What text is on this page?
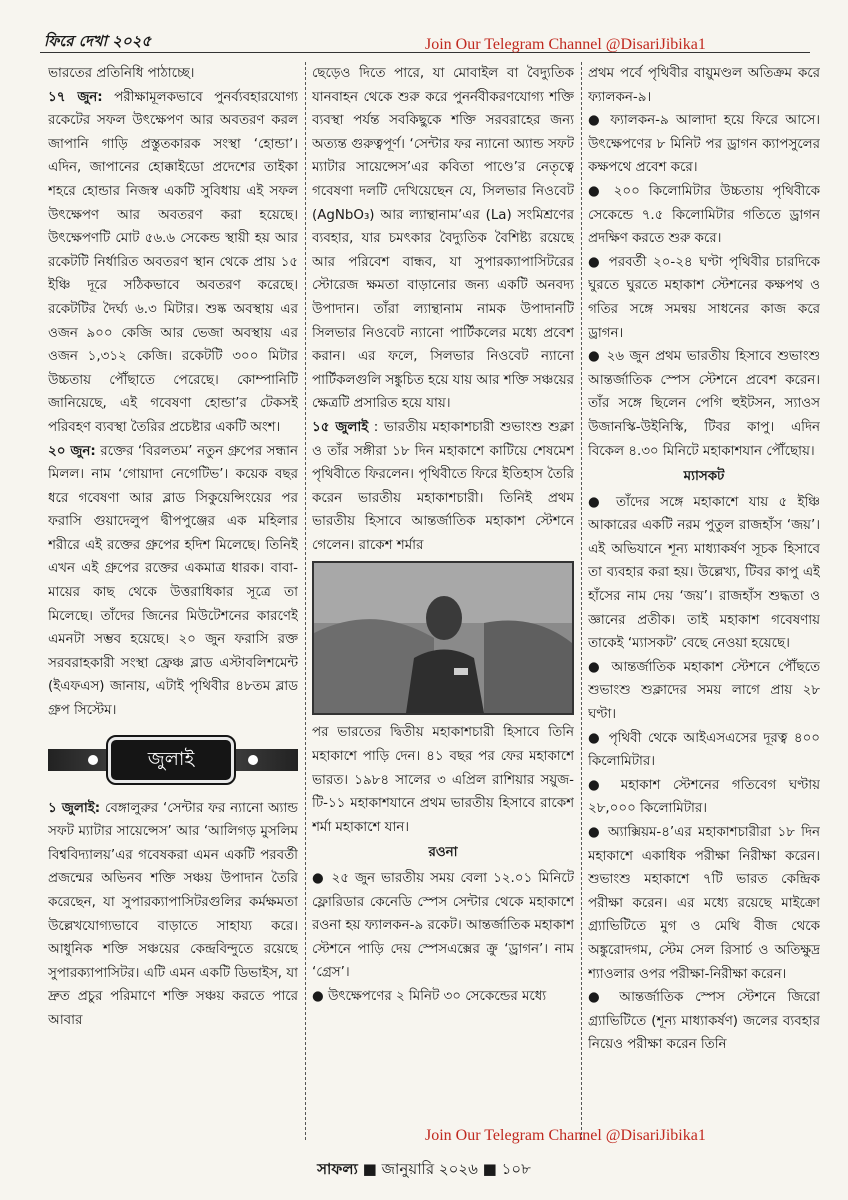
ফিরে দেখা ২০২৫	Join Our Telegram Channel @DisariJibika1

ভারতের প্রতিনিধি পাঠাচ্ছে।

১৭ জুন: পরীক্ষামূলকভাবে পুনর্ব্যবহারযোগ্য রকেটের সফল উৎক্ষেপণ আর অবতরণ করল জাপানি গাড়ি প্রস্তুতকারক সংস্থা ‘হোন্ডা’। এদিন, জাপানের হোক্কাইডো প্রদেশের তাইকা শহরে হোন্ডার নিজস্ব একটি সুবিধায় এই সফল উৎক্ষেপণ আর অবতরণ করা হয়েছে। উৎক্ষেপণটি মোট ৫৬.৬ সেকেন্ড স্থায়ী হয় আর রকেটটি নির্ধারিত অবতরণ স্থান থেকে প্রায় ১৫ ইঞ্চি দূরে সঠিকভাবে অবতরণ করেছে। রকেটটির দৈর্ঘ্য ৬.৩ মিটার। শুষ্ক অবস্থায় এর ওজন ৯০০ কেজি আর ভেজা অবস্থায় এর ওজন ১,৩১২ কেজি। রকেটটি ৩০০ মিটার উচ্চতায় পৌঁছাতে পেরেছে। কোম্পানিটি জানিয়েছে, এই গবেষণা হোন্ডা’র টেকসই পরিবহণ ব্যবস্থা তৈরির প্রচেষ্টার একটি অংশ।

২০ জুন: রক্তের ‘বিরলতম’ নতুন গ্রুপের সন্ধান মিলল। নাম ‘গোয়াদা নেগেটিভ’। কয়েক বছর ধরে গবেষণা আর ব্লাড সিকুয়েন্সিংয়ের পর ফরাসি গুয়াদেলুপ দ্বীপপুঞ্জের এক মহিলার শরীরে এই রক্তের গ্রুপের হদিশ মিলেছে। তিনিই এখন এই গ্রুপের রক্তের একমাত্র ধারক। বাবা-মায়ের কাছ থেকে উত্তরাধিকার সূত্রে তা মিলেছে। তাঁদের জিনের মিউটেশনের কারণেই এমনটা সম্ভব হয়েছে। ২০ জুন ফরাসি রক্ত সরবরাহকারী সংস্থা ফ্রেঞ্চ ব্লাড এস্টাবলিশমেন্ট (ইএফএস) জানায়, এটাই পৃথিবীর ৪৮তম ব্লাড গ্রুপ সিস্টেম।

জুলাই

১ জুলাই: বেঙ্গালুরুর ‘সেন্টার ফর ন্যানো অ্যান্ড সফট ম্যাটার সায়েন্সেস’ আর ‘আলিগড় মুসলিম বিশ্ববিদ্যালয়’এর গবেষকরা এমন একটি পরবর্তী প্রজন্মের অভিনব শক্তি সঞ্চয় উপাদান তৈরি করেছেন, যা সুপারক্যাপাসিটরগুলির কর্মক্ষমতা উল্লেখযোগ্যভাবে বাড়াতে সাহায্য করে। আধুনিক শক্তি সঞ্চয়ের কেন্দ্রবিন্দুতে রয়েছে সুপারক্যাপাসিটর। এটি এমন একটি ডিভাইস, যা দ্রুত প্রচুর পরিমাণে শক্তি সঞ্চয় করতে পারে আবার

ছেড়েও দিতে পারে, যা মোবাইল বা বৈদ্যুতিক যানবাহন থেকে শুরু করে পুনর্নবীকরণযোগ্য শক্তি ব্যবস্থা পর্যন্ত সবকিছুকে শক্তি সরবরাহের জন্য অত্যন্ত গুরুত্বপূর্ণ। ‘সেন্টার ফর ন্যানো অ্যান্ড সফট ম্যাটার সায়েন্সেস’এর কবিতা পাণ্ডে’র নেতৃত্বে গবেষণা দলটি দেখিয়েছেন যে, সিলভার নিওবেট (AgNbO₃) আর ল্যান্থানাম’এর (La) সংমিশ্রণের ব্যবহার, যার চমৎকার বৈদ্যুতিক বৈশিষ্ট্য রয়েছে আর পরিবেশ বান্ধব, যা সুপারক্যাপাসিটরের স্টোরেজ ক্ষমতা বাড়ানোর জন্য একটি অনবদ্য উপাদান। তাঁরা ল্যান্থানাম নামক উপাদানটি সিলভার নিওবেট ন্যানো পার্টিকলের মধ্যে প্রবেশ করান। এর ফলে, সিলভার নিওবেট ন্যানো পার্টিকলগুলি সঙ্কুচিত হয়ে যায় আর শক্তি সঞ্চয়ের ক্ষেত্রটি প্রসারিত হয়ে যায়।

১৫ জুলাই : ভারতীয় মহাকাশচারী শুভাংশু শুক্লা ও তাঁর সঙ্গীরা ১৮ দিন মহাকাশে কাটিয়ে শেষমেশ পৃথিবীতে ফিরলেন। পৃথিবীতে ফিরে ইতিহাস তৈরি করেন ভারতীয় মহাকাশচারী। তিনিই প্রথম ভারতীয় হিসাবে আন্তর্জাতিক মহাকাশ স্টেশনে গেলেন। রাকেশ শর্মার

পর ভারতের দ্বিতীয় মহাকাশচারী হিসাবে তিনি মহাকাশে পাড়ি দেন। ৪১ বছর পর ফের মহাকাশে ভারত। ১৯৮৪ সালের ৩ এপ্রিল রাশিয়ার সয়ুজ-টি-১১ মহাকাশযানে প্রথম ভারতীয় হিসাবে রাকেশ শর্মা মহাকাশে যান।

রওনা

● ২৫ জুন ভারতীয় সময় বেলা ১২.০১ মিনিটে ফ্লোরিডার কেনেডি স্পেস সেন্টার থেকে মহাকাশে রওনা হয় ফ্যালকন-৯ রকেট। আন্তর্জাতিক মহাকাশ স্টেশনে পাড়ি দেয় স্পেসএক্সের ক্রু ‘ড্রাগন’। নাম ‘গ্রেস’।

● উৎক্ষেপণের ২ মিনিট ৩০ সেকেন্ডের মধ্যে

প্রথম পর্বে পৃথিবীর বায়ুমণ্ডল অতিক্রম করে ফ্যালকন-৯।

● ফ্যালকন-৯ আলাদা হয়ে ফিরে আসে। উৎক্ষেপণের ৮ মিনিট পর ড্রাগন ক্যাপসুলের কক্ষপথে প্রবেশ করে।

● ২০০ কিলোমিটার উচ্চতায় পৃথিবীকে সেকেন্ডে ৭.৫ কিলোমিটার গতিতে ড্রাগন প্রদক্ষিণ করতে শুরু করে।

● পরবর্তী ২০-২৪ ঘণ্টা পৃথিবীর চারদিকে ঘুরতে ঘুরতে মহাকাশ স্টেশনের কক্ষপথ ও গতির সঙ্গে সমন্বয় সাধনের কাজ করে ড্রাগন।

● ২৬ জুন প্রথম ভারতীয় হিসাবে শুভাংশু আন্তর্জাতিক স্পেস স্টেশনে প্রবেশ করেন। তাঁর সঙ্গে ছিলেন পেগি হুইটসন, স্যাওস উজানস্কি-উইনিস্কি, টিবর কাপু। এদিন বিকেল ৪.৩০ মিনিটে মহাকাশযান পৌঁছোয়।

ম্যাসকট

● তাঁদের সঙ্গে মহাকাশে যায় ৫ ইঞ্চি আকারের একটি নরম পুতুল রাজহাঁস ‘জয়’। এই অভিযানে শূন্য মাধ্যাকর্ষণ সূচক হিসাবে তা ব্যবহার করা হয়। উল্লেখ্য, টিবর কাপু এই হাঁসের নাম দেয় ‘জয়’। রাজহাঁস শুদ্ধতা ও জ্ঞানের প্রতীক। তাই মহাকাশ গবেষণায় তাকেই ‘ম্যাসকট’ বেছে নেওয়া হয়েছে।

● আন্তর্জাতিক মহাকাশ স্টেশনে পৌঁছতে শুভাংশু শুক্লাদের সময় লাগে প্রায় ২৮ ঘণ্টা।

● পৃথিবী থেকে আইএসএসের দূরত্ব ৪০০ কিলোমিটার।

● মহাকাশ স্টেশনের গতিবেগ ঘণ্টায় ২৮,০০০ কিলোমিটার।

● অ্যাক্সিয়ম-৪’এর মহাকাশচারীরা ১৮ দিন মহাকাশে একাধিক পরীক্ষা নিরীক্ষা করেন। শুভাংশু মহাকাশে ৭টি ভারত কেন্দ্রিক পরীক্ষা করেন। এর মধ্যে রয়েছে মাইক্রো গ্র্যাভিটিতে মুগ ও মেথি বীজ থেকে অঙ্কুরোদগম, স্টেম সেল রিসার্চ ও অতিক্ষুদ্র শ্যাওলার ওপর পরীক্ষা-নিরীক্ষা করেন।

● আন্তর্জাতিক স্পেস স্টেশনে জিরো গ্র্যাভিটিতে (শূন্য মাধ্যাকর্ষণ) জলের ব্যবহার নিয়েও পরীক্ষা করেন তিনি

Join Our Telegram Channel @DisariJibika1
সাফল্য ■ জানুয়ারি ২০২৬ ■ ১০৮
